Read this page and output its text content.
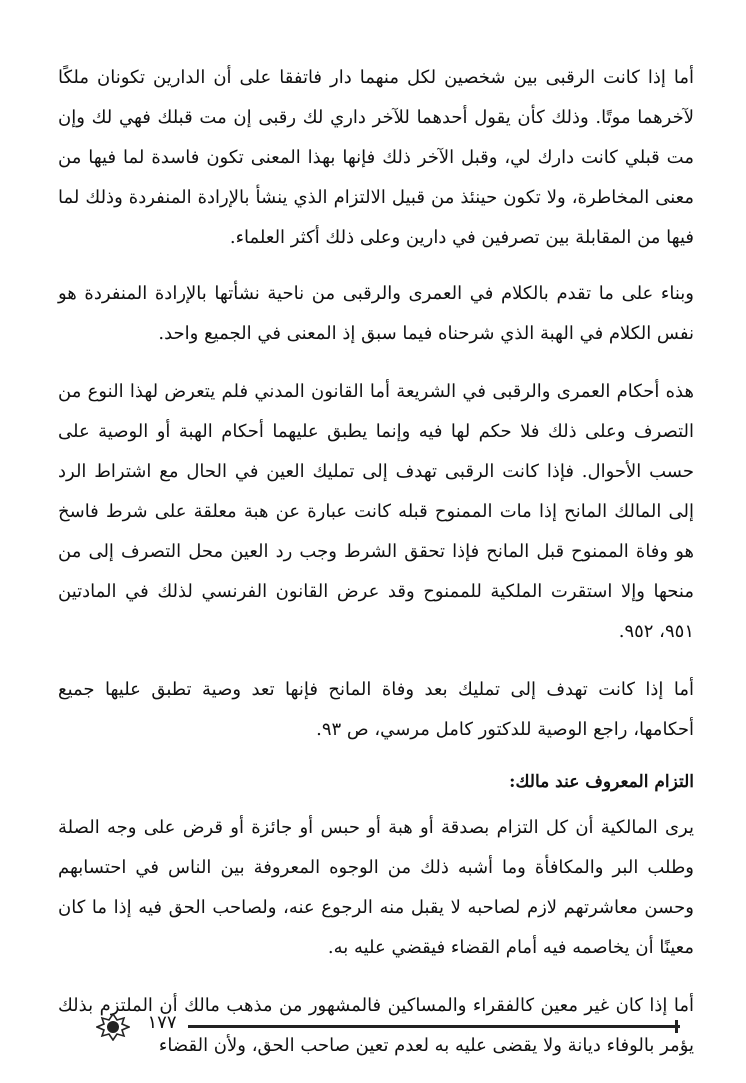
أما إذا كانت الرقبى بين شخصين لكل منهما دار فاتفقا على أن الدارين تكونان ملكًا لآخرهما موتًا. وذلك كأن يقول أحدهما للآخر داري لك رقبى إن مت قبلك فهي لك وإن مت قبلي كانت دارك لي، وقبل الآخر ذلك فإنها بهذا المعنى تكون فاسدة لما فيها من معنى المخاطرة، ولا تكون حينئذ من قبيل الالتزام الذي ينشأ بالإرادة المنفردة وذلك لما فيها من المقابلة بين تصرفين في دارين وعلى ذلك أكثر العلماء.

وبناء على ما تقدم بالكلام في العمرى والرقبى من ناحية نشأتها بالإرادة المنفردة هو نفس الكلام في الهبة الذي شرحناه فيما سبق إذ المعنى في الجميع واحد.

هذه أحكام العمرى والرقبى في الشريعة أما القانون المدني فلم يتعرض لهذا النوع من التصرف وعلى ذلك فلا حكم لها فيه وإنما يطبق عليهما أحكام الهبة أو الوصية على حسب الأحوال. فإذا كانت الرقبى تهدف إلى تمليك العين في الحال مع اشتراط الرد إلى المالك المانح إذا مات الممنوح قبله كانت عبارة عن هبة معلقة على شرط فاسخ هو وفاة الممنوح قبل المانح فإذا تحقق الشرط وجب رد العين محل التصرف إلى من منحها وإلا استقرت الملكية للممنوح وقد عرض القانون الفرنسي لذلك في المادتين ٩٥١، ٩٥٢.

أما إذا كانت تهدف إلى تمليك بعد وفاة المانح فإنها تعد وصية تطبق عليها جميع أحكامها، راجع الوصية للدكتور كامل مرسي، ص ٩٣.

التزام المعروف عند مالك:

يرى المالكية أن كل التزام بصدقة أو هبة أو حبس أو جائزة أو قرض على وجه الصلة وطلب البر والمكافأة وما أشبه ذلك من الوجوه المعروفة بين الناس في احتسابهم وحسن معاشرتهم لازم لصاحبه لا يقبل منه الرجوع عنه، ولصاحب الحق فيه إذا ما كان معينًا أن يخاصمه فيه أمام القضاء فيقضي عليه به.

أما إذا كان غير معين كالفقراء والمساكين فالمشهور من مذهب مالك أن الملتزم بذلك يؤمر بالوفاء ديانة ولا يقضى عليه به لعدم تعين صاحب الحق، ولأن القضاء

١٧٧
